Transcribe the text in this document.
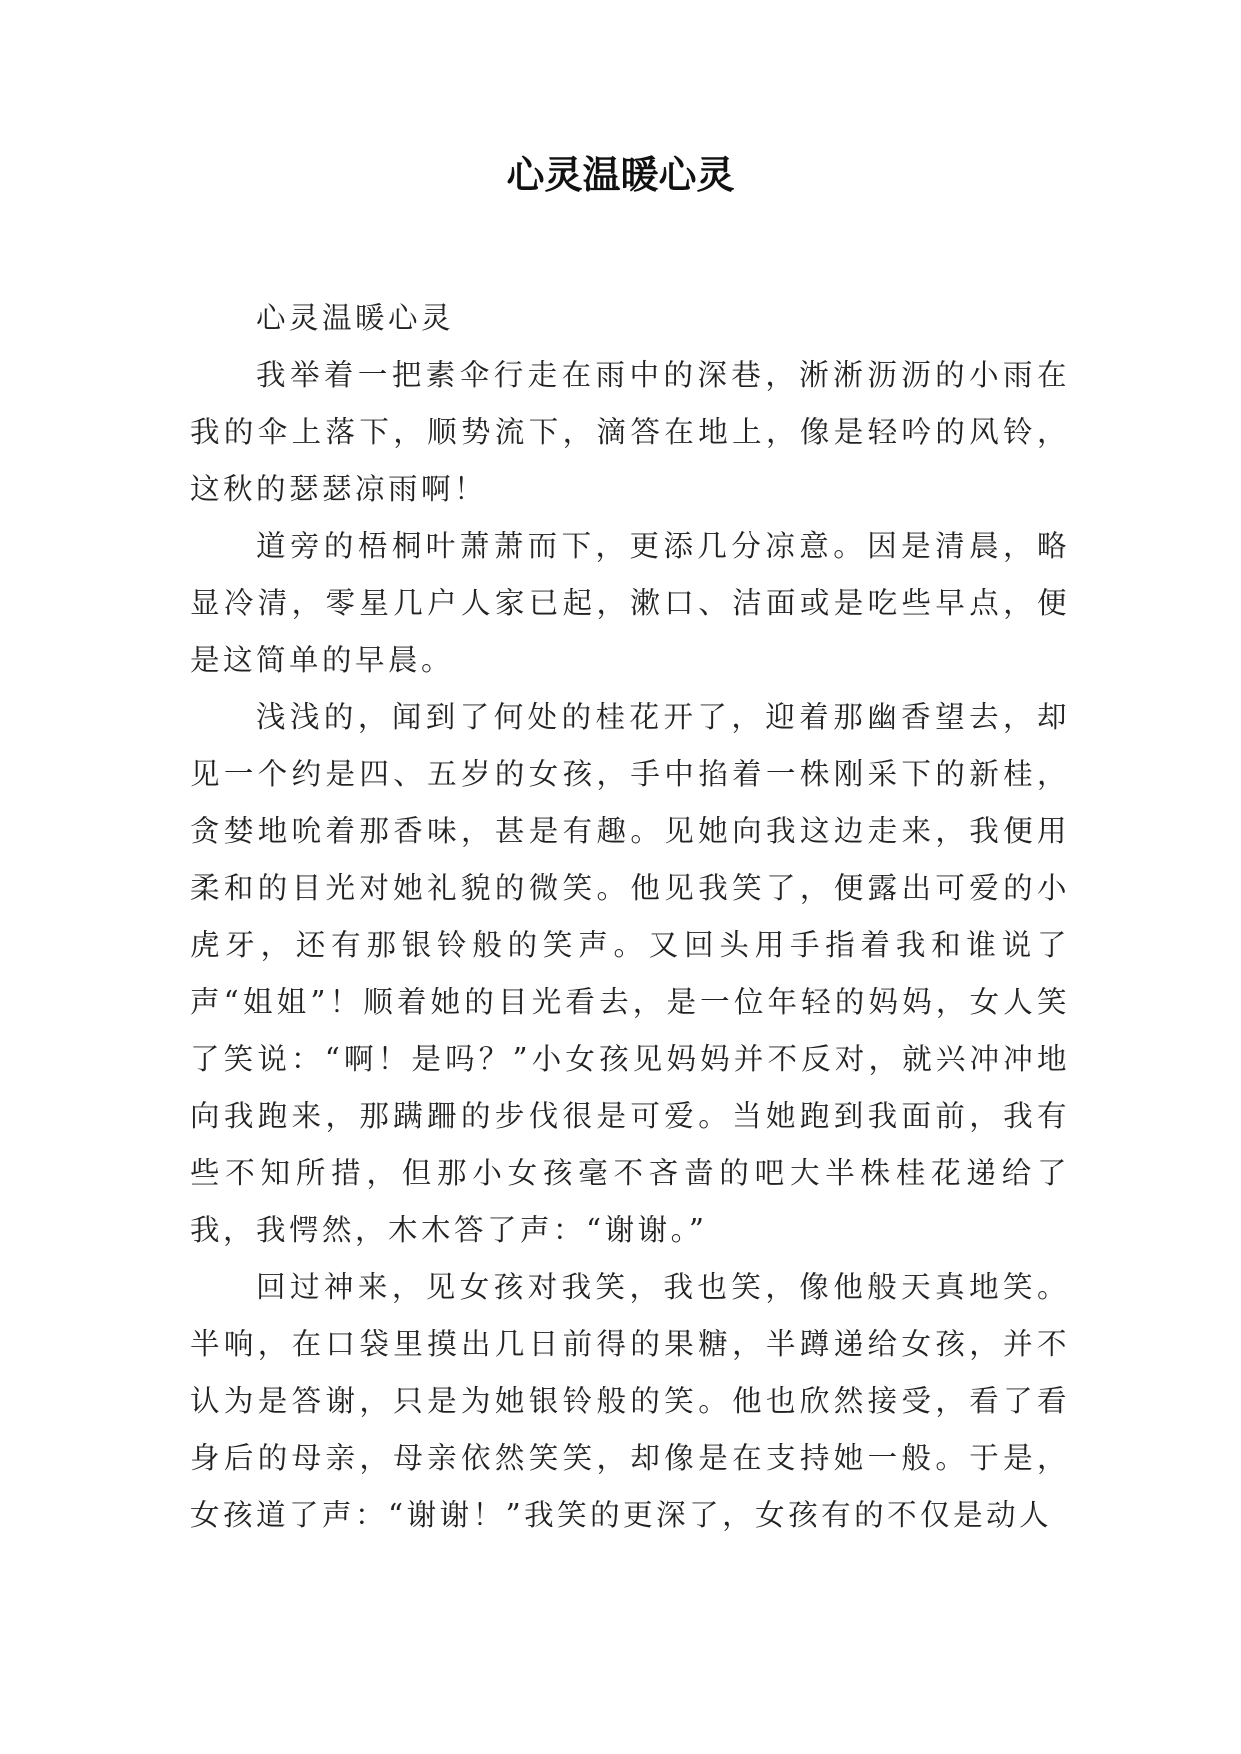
心灵温暖心灵

心灵温暖心灵

我举着一把素伞行走在雨中的深巷，淅淅沥沥的小雨在我的伞上落下，顺势流下，滴答在地上，像是轻吟的风铃，这秋的瑟瑟凉雨啊！

道旁的梧桐叶萧萧而下，更添几分凉意。因是清晨，略显冷清，零星几户人家已起，漱口、洁面或是吃些早点，便是这简单的早晨。

浅浅的，闻到了何处的桂花开了，迎着那幽香望去，却见一个约是四、五岁的女孩，手中掐着一株刚采下的新桂，贪婪地吮着那香味，甚是有趣。见她向我这边走来，我便用柔和的目光对她礼貌的微笑。他见我笑了，便露出可爱的小虎牙，还有那银铃般的笑声。又回头用手指着我和谁说了声“姐姐”！顺着她的目光看去，是一位年轻的妈妈，女人笑了笑说：“啊！是吗？”小女孩见妈妈并不反对，就兴冲冲地向我跑来，那蹒跚的步伐很是可爱。当她跑到我面前，我有些不知所措，但那小女孩毫不吝啬的吧大半株桂花递给了我，我愕然，木木答了声：“谢谢。”

回过神来，见女孩对我笑，我也笑，像他般天真地笑。半响，在口袋里摸出几日前得的果糖，半蹲递给女孩，并不认为是答谢，只是为她银铃般的笑。他也欣然接受，看了看身后的母亲，母亲依然笑笑，却像是在支持她一般。于是，女孩道了声：“谢谢！”我笑的更深了，女孩有的不仅是动人
